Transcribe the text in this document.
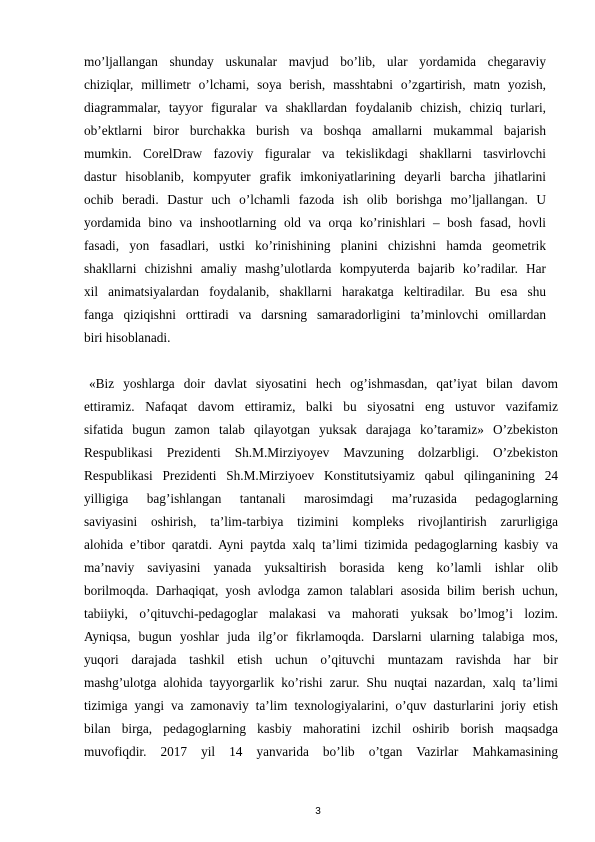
mo’ljallangan shunday uskunalar mavjud bo’lib, ular yordamida chegaraviy
chiziqlar, millimetr o’lchami, soya berish, masshtabni o’zgartirish, matn yozish,
diagrammalar, tayyor figuralar va shakllardan foydalanib chizish, chiziq turlari,
ob’ektlarni biror burchakka burish va boshqa amallarni mukammal bajarish
mumkin. CorelDraw fazoviy figuralar va tekislikdagi shakllarni tasvirlovchi
dastur hisoblanib, kompyuter grafik imkoniyatlarining deyarli barcha jihatlarini
ochib beradi. Dastur uch o’lchamli fazoda ish olib borishga mo’ljallangan. U
yordamida bino va inshootlarning old va orqa ko’rinishlari – bosh fasad, hovli
fasadi, yon fasadlari, ustki ko’rinishining planini chizishni hamda geometrik
shakllarni chizishni amaliy mashg’ulotlarda kompyuterda bajarib ko’radilar. Har
xil animatsiyalardan foydalanib, shakllarni harakatga keltiradilar. Bu esa shu
fanga qiziqishni orttiradi va darsning samaradorligini ta’minlovchi omillardan
biri hisoblanadi.
«Biz yoshlarga doir davlat siyosatini hech og’ishmasdan, qat’iyat bilan davom
ettiramiz. Nafaqat davom ettiramiz, balki bu siyosatni eng ustuvor vazifamiz
sifatida bugun zamon talab qilayotgan yuksak darajaga ko’taramiz» O’zbekiston
Respublikasi Prezidenti Sh.M.Mirziyoyev Mavzuning dolzarbligi. O’zbekiston
Respublikasi Prezidenti Sh.M.Mirziyoev Konstitutsiyamiz qabul qilinganining 24
yilligiga bag’ishlangan tantanali marosimdagi ma’ruzasida pedagoglarning
saviyasini oshirish, ta’lim-tarbiya tizimini kompleks rivojlantirish zarurligiga
alohida e’tibor qaratdi. Ayni paytda xalq ta’limi tizimida pedagoglarning kasbiy va
ma’naviy saviyasini yanada yuksaltirish borasida keng ko’lamli ishlar olib
borilmoqda. Darhaqiqat, yosh avlodga zamon talablari asosida bilim berish uchun,
tabiiyki, o’qituvchi-pedagoglar malakasi va mahorati yuksak bo’lmog’i lozim.
Ayniqsa, bugun yoshlar juda ilg’or fikrlamoqda. Darslarni ularning talabiga mos,
yuqori darajada tashkil etish uchun o’qituvchi muntazam ravishda har bir
mashg’ulotga alohida tayyorgarlik ko’rishi zarur. Shu nuqtai nazardan, xalq ta’limi
tizimiga yangi va zamonaviy ta’lim texnologiyalarini, o’quv dasturlarini joriy etish
bilan birga, pedagoglarning kasbiy mahoratini izchil oshirib borish maqsadga
muvofiqdir. 2017 yil 14 yanvarida bo’lib o’tgan Vazirlar Mahkamasining
3
